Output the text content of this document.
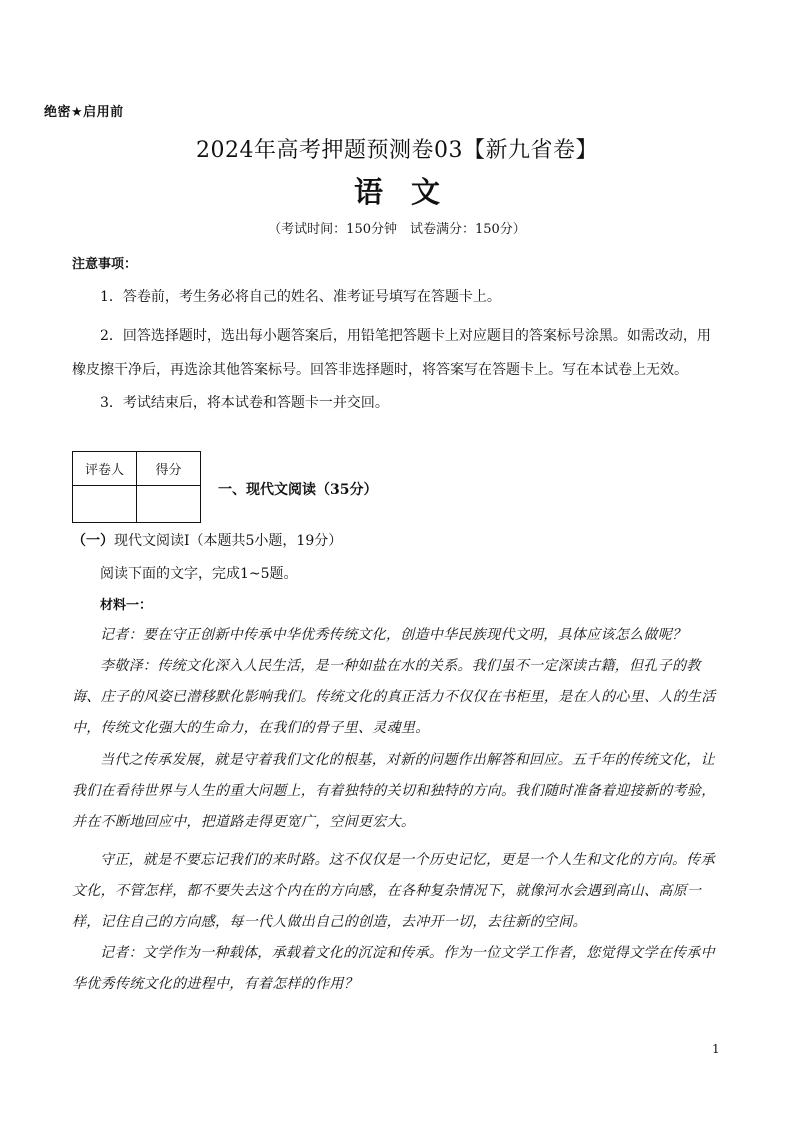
绝密★启用前
2024年高考押题预测卷03【新九省卷】
语文
（考试时间：150分钟　试卷满分：150分）
注意事项：

1．答卷前，考生务必将自己的姓名、准考证号填写在答题卡上。

2．回答选择题时，选出每小题答案后，用铅笔把答题卡上对应题目的答案标号涂黑。如需改动，用橡皮擦干净后，再选涂其他答案标号。回答非选择题时，将答案写在答题卡上。写在本试卷上无效。

3．考试结束后，将本试卷和答题卡一并交回。

评卷人	得分

一、现代文阅读（35分）
（一）现代文阅读Ⅰ（本题共5小题，19分）
阅读下面的文字，完成1~5题。
材料一：

记者：要在守正创新中传承中华优秀传统文化，创造中华民族现代文明，具体应该怎么做呢？

李敬泽：传统文化深入人民生活，是一种如盐在水的关系。我们虽不一定深读古籍，但孔子的教诲、庄子的风姿已潜移默化影响我们。传统文化的真正活力不仅仅在书柜里，是在人的心里、人的生活中，传统文化强大的生命力，在我们的骨子里、灵魂里。

当代之传承发展，就是守着我们文化的根基，对新的问题作出解答和回应。五千年的传统文化，让我们在看待世界与人生的重大问题上，有着独特的关切和独特的方向。我们随时准备着迎接新的考验，并在不断地回应中，把道路走得更宽广，空间更宏大。

守正，就是不要忘记我们的来时路。这不仅仅是一个历史记忆，更是一个人生和文化的方向。传承文化，不管怎样，都不要失去这个内在的方向感，在各种复杂情况下，就像河水会遇到高山、高原一样，记住自己的方向感，每一代人做出自己的创造，去冲开一切，去往新的空间。

记者：文学作为一种载体，承载着文化的沉淀和传承。作为一位文学工作者，您觉得文学在传承中华优秀传统文化的进程中，有着怎样的作用？

1
